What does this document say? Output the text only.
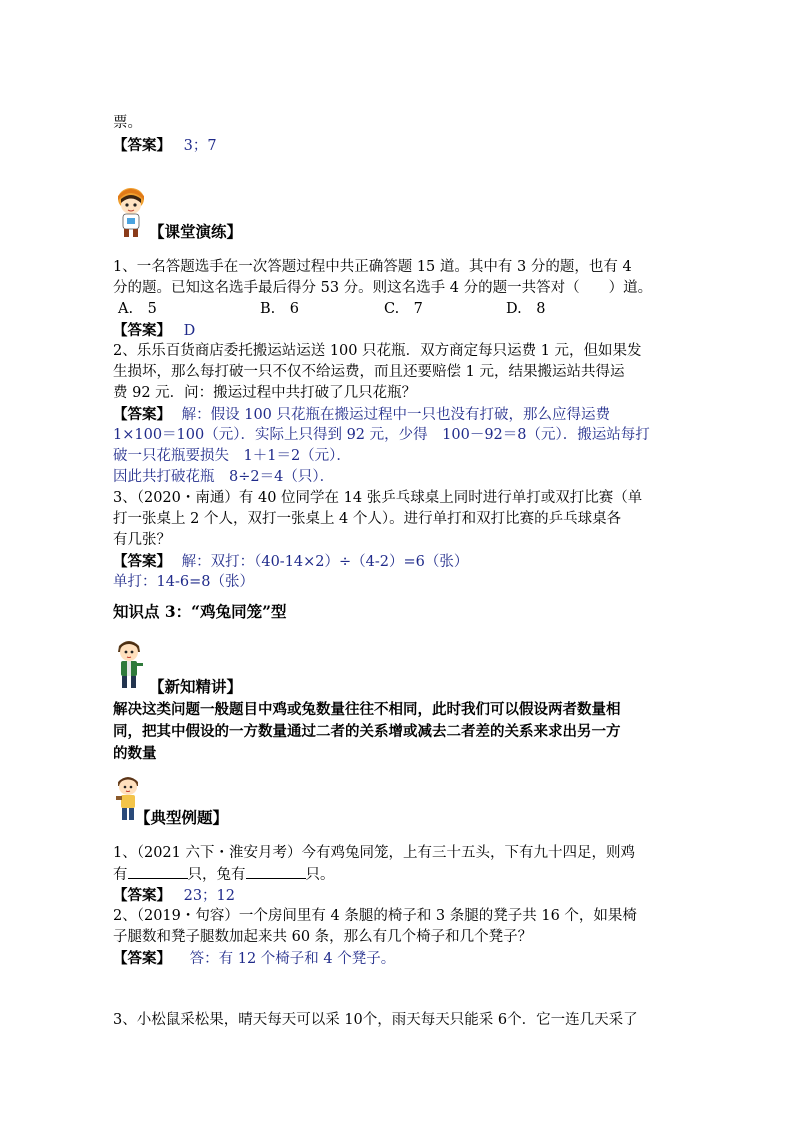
票。
【答案】 3；7
【课堂演练】
1、一名答题选手在一次答题过程中共正确答题 15 道。其中有 3 分的题，也有 4
分的题。已知这名选手最后得分 53 分。则这名选手 4 分的题一共答对（　　）道。
A.　5	B.　6	C.　7	D.　8
【答案】 D
2、乐乐百货商店委托搬运站运送 100 只花瓶．双方商定每只运费 1 元，但如果发
生损坏，那么每打破一只不仅不给运费，而且还要赔偿 1 元，结果搬运站共得运
费 92 元．问：搬运过程中共打破了几只花瓶？
【答案】 解：假设 100 只花瓶在搬运过程中一只也没有打破，那么应得运费
1×100＝100（元）．实际上只得到 92 元，少得　100－92＝8（元）．搬运站每打
破一只花瓶要损失　1＋1＝2（元）．
因此共打破花瓶　8÷2＝4（只）．
3、（2020・南通）有 40 位同学在 14 张乒乓球桌上同时进行单打或双打比赛（单
打一张桌上 2 个人，双打一张桌上 4 个人）。进行单打和双打比赛的乒乓球桌各
有几张？
【答案】 解：双打：（40-14×2）÷（4-2）=6（张）
单打：14-6=8（张）
知识点 3：“鸡兔同笼”型
【新知精讲】
解决这类问题一般题目中鸡或兔数量往往不相同，此时我们可以假设两者数量相
同，把其中假设的一方数量通过二者的关系增或减去二者差的关系来求出另一方
的数量
【典型例题】
1、（2021 六下・淮安月考）今有鸡兔同笼，上有三十五头，下有九十四足，则鸡
有	只，兔有	只。
【答案】 23；12
2、（2019・句容）一个房间里有 4 条腿的椅子和 3 条腿的凳子共 16 个，如果椅
子腿数和凳子腿数加起来共 60 条，那么有几个椅子和几个凳子？
【答案】 答：有 12 个椅子和 4 个凳子。
3、小松鼠采松果，晴天每天可以采 10个，雨天每天只能采 6个．它一连几天采了
